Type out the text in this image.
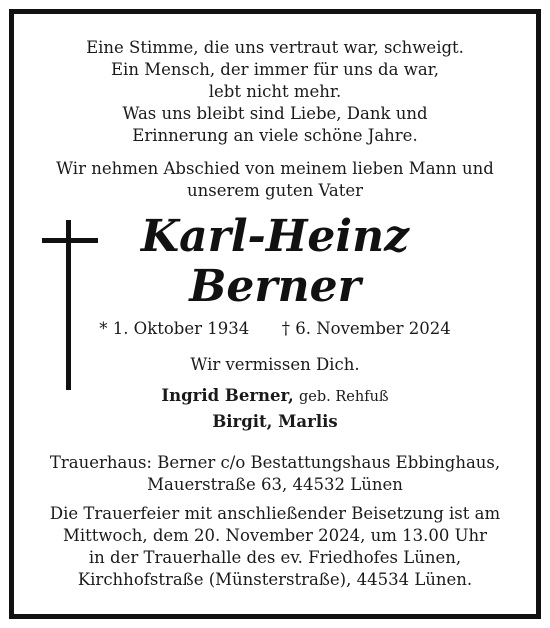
Eine Stimme, die uns vertraut war, schweigt.
Ein Mensch, der immer für uns da war,
lebt nicht mehr.
Was uns bleibt sind Liebe, Dank und
Erinnerung an viele schöne Jahre.
Wir nehmen Abschied von meinem lieben Mann und
unserem guten Vater
Karl-Heinz
Berner
* 1. Oktober 1934 † 6. November 2024
Wir vermissen Dich.
Ingrid Berner, geb. Rehfuß
Birgit, Marlis
Trauerhaus: Berner c/o Bestattungshaus Ebbinghaus,
Mauerstraße 63, 44532 Lünen
Die Trauerfeier mit anschließender Beisetzung ist am
Mittwoch, dem 20. November 2024, um 13.00 Uhr
in der Trauerhalle des ev. Friedhofes Lünen,
Kirchhofstraße (Münsterstraße), 44534 Lünen.
